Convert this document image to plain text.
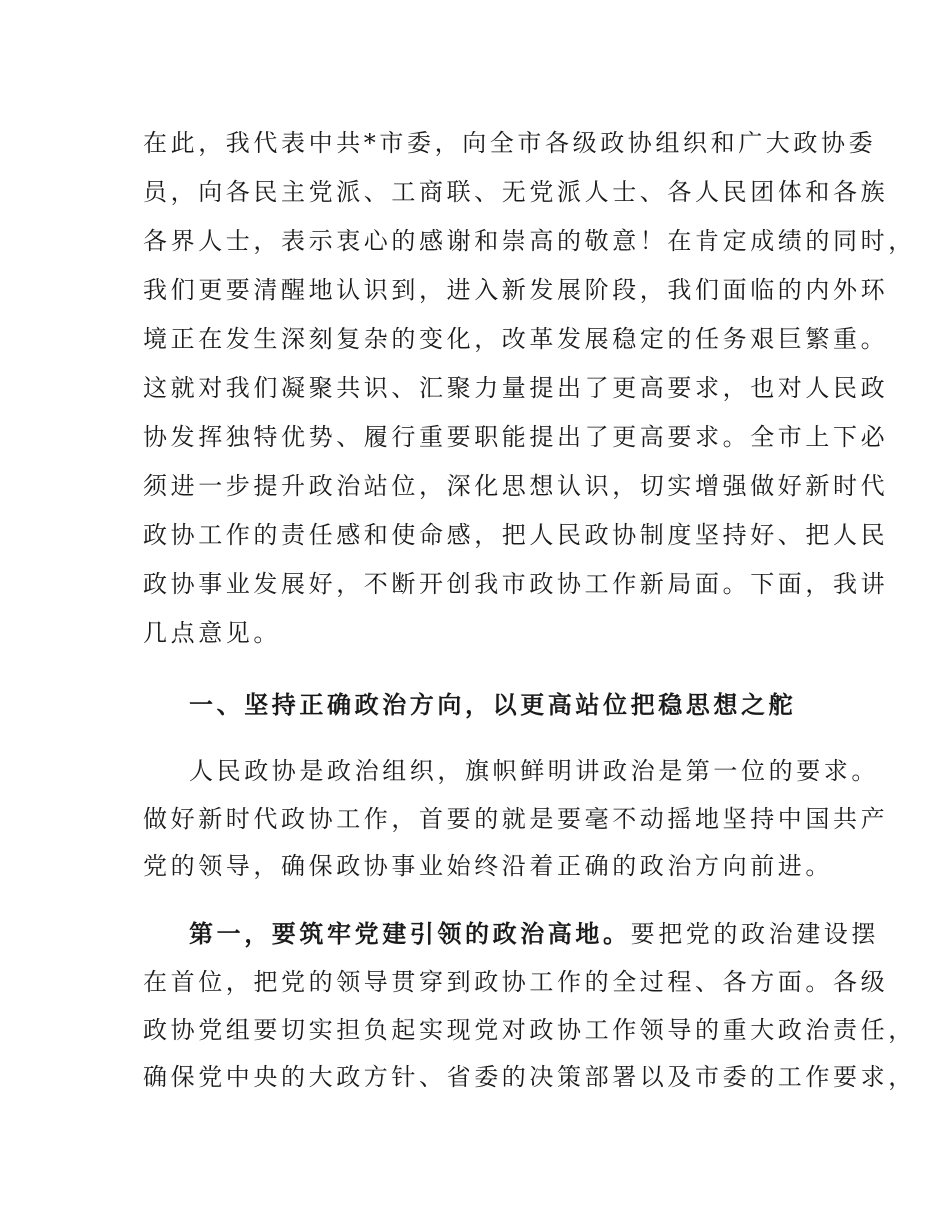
在此，我代表中共*市委，向全市各级政协组织和广大政协委
员，向各民主党派、工商联、无党派人士、各人民团体和各族
各界人士，表示衷心的感谢和崇高的敬意！在肯定成绩的同时，
我们更要清醒地认识到，进入新发展阶段，我们面临的内外环
境正在发生深刻复杂的变化，改革发展稳定的任务艰巨繁重。
这就对我们凝聚共识、汇聚力量提出了更高要求，也对人民政
协发挥独特优势、履行重要职能提出了更高要求。全市上下必
须进一步提升政治站位，深化思想认识，切实增强做好新时代
政协工作的责任感和使命感，把人民政协制度坚持好、把人民
政协事业发展好，不断开创我市政协工作新局面。下面，我讲
几点意见。
一、坚持正确政治方向，以更高站位把稳思想之舵
人民政协是政治组织，旗帜鲜明讲政治是第一位的要求。
做好新时代政协工作，首要的就是要毫不动摇地坚持中国共产
党的领导，确保政协事业始终沿着正确的政治方向前进。
第一，要筑牢党建引领的政治高地。要把党的政治建设摆
在首位，把党的领导贯穿到政协工作的全过程、各方面。各级
政协党组要切实担负起实现党对政协工作领导的重大政治责任，
确保党中央的大政方针、省委的决策部署以及市委的工作要求，
